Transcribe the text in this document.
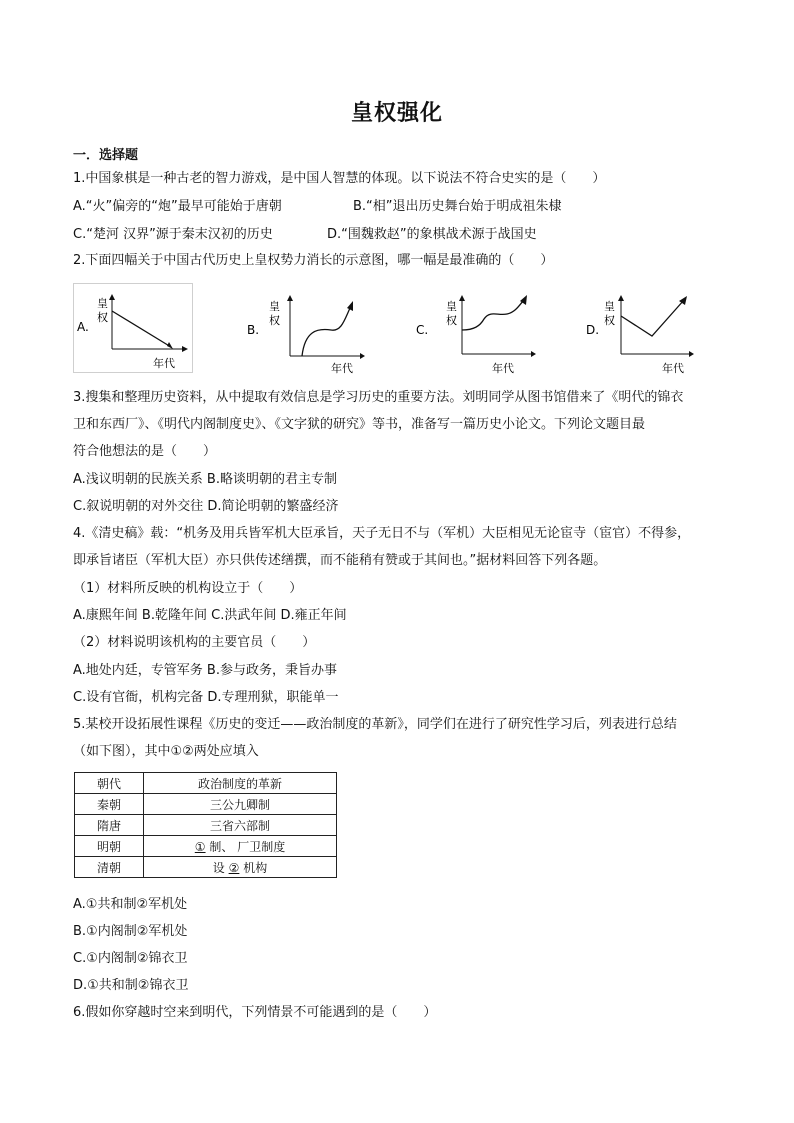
皇权强化
一．选择题
1.中国象棋是一种古老的智力游戏，是中国人智慧的体现。以下说法不符合史实的是（　　）
A.“火”偏旁的“炮”最早可能始于唐朝	B.“相”退出历史舞台始于明成祖朱棣
C.“楚河 汉界”源于秦末汉初的历史	D.“围魏救赵”的象棋战术源于战国史
2.下面四幅关于中国古代历史上皇权势力消长的示意图，哪一幅是最准确的（　　）
A.
皇
权
年代
B.
皇
权
年代
C.
皇
权
年代
D.
皇
权
年代
3.搜集和整理历史资料，从中提取有效信息是学习历史的重要方法。刘明同学从图书馆借来了《明代的锦衣
卫和东西厂》、《明代内阁制度史》、《文字狱的研究》等书，准备写一篇历史小论文。下列论文题目最
符合他想法的是（　　）
A.浅议明朝的民族关系 B.略谈明朝的君主专制
C.叙说明朝的对外交往 D.简论明朝的繁盛经济
4.《清史稿》载：“机务及用兵皆军机大臣承旨，天子无日不与（军机）大臣相见无论宦寺（宦官）不得参，
即承旨诸臣（军机大臣）亦只供传述缮撰，而不能稍有赞或于其间也。”据材料回答下列各题。
（1）材料所反映的机构设立于（　　）
A.康熙年间 B.乾隆年间 C.洪武年间 D.雍正年间
（2）材料说明该机构的主要官员（　　）
A.地处内廷，专管军务 B.参与政务，秉旨办事
C.设有官衙，机构完备 D.专理刑狱，职能单一
5.某校开设拓展性课程《历史的变迁——政治制度的革新》，同学们在进行了研究性学习后，列表进行总结
（如下图），其中①②两处应填入
朝代	政治制度的革新
秦朝	三公九卿制
隋唐	三省六部制
明朝	① 制、 厂卫制度
清朝	设 ② 机构
A.①共和制②军机处
B.①内阁制②军机处
C.①内阁制②锦衣卫
D.①共和制②锦衣卫
6.假如你穿越时空来到明代，下列情景不可能遇到的是（　　）
